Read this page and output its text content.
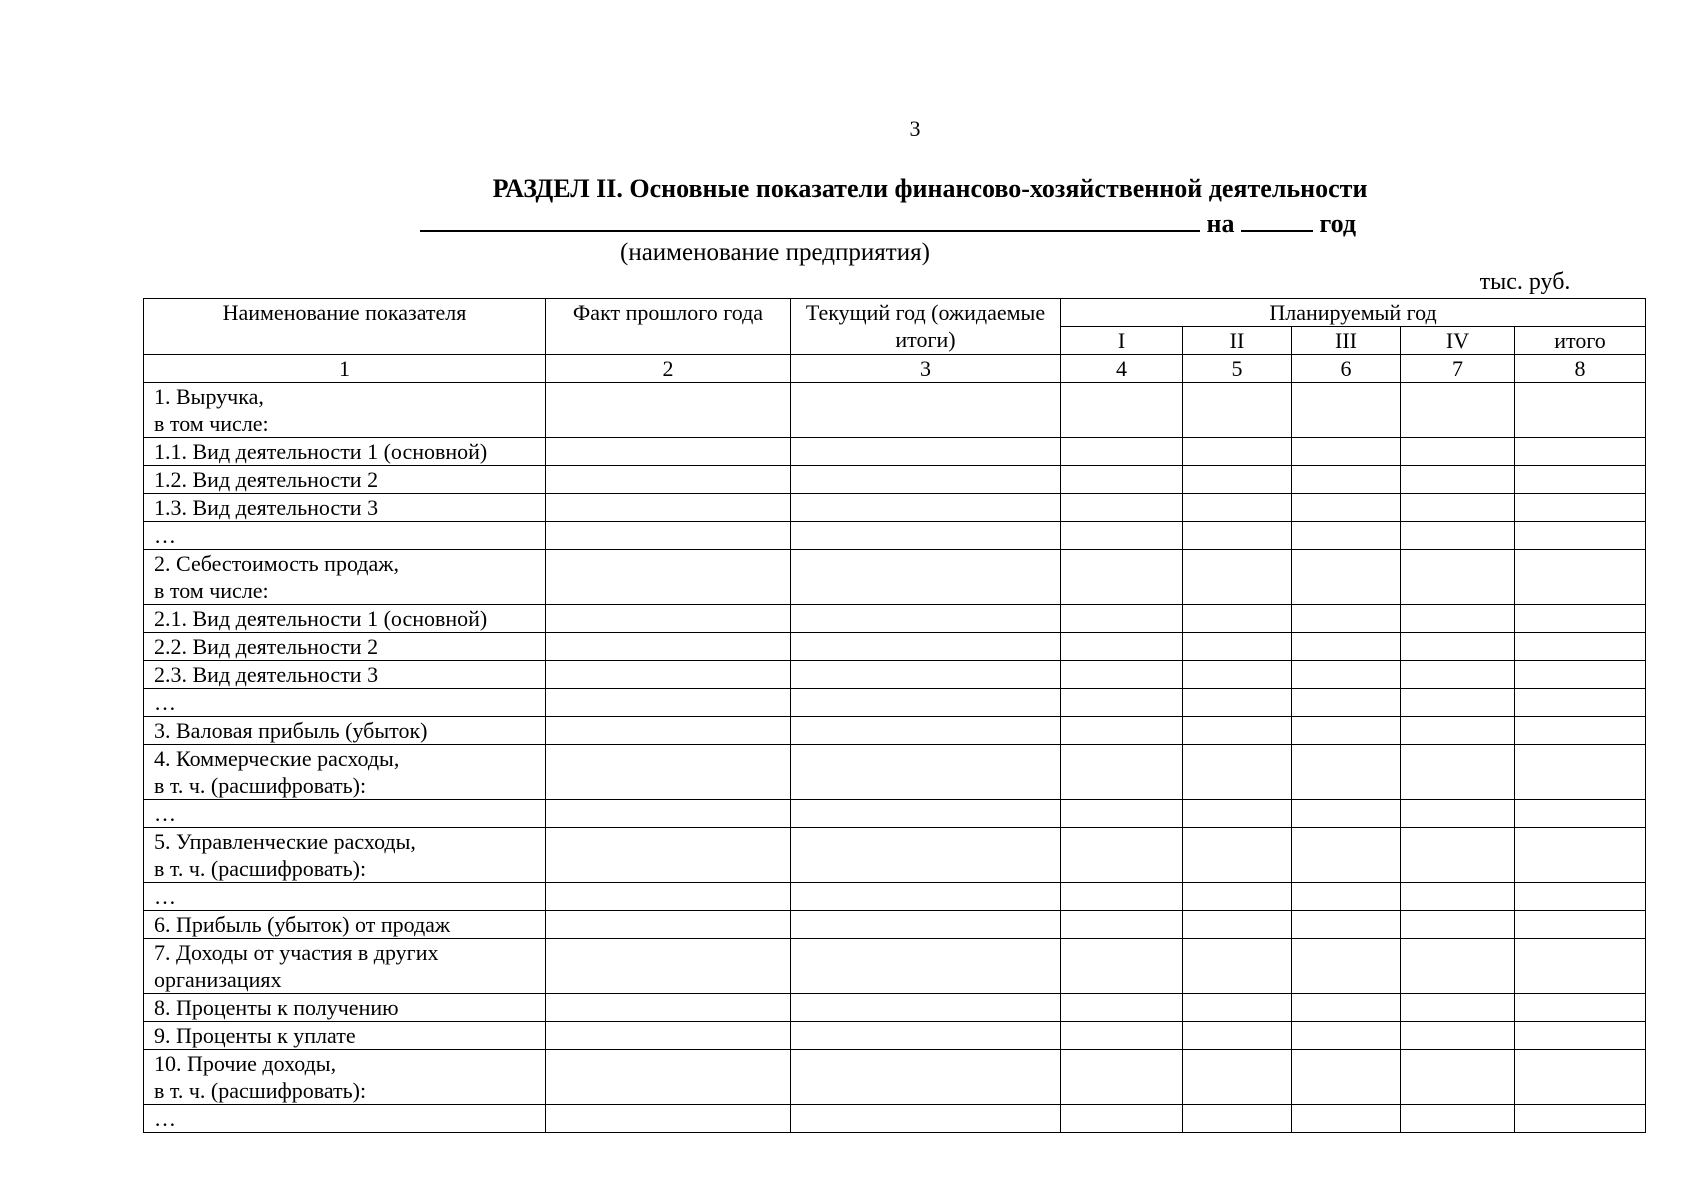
3
РАЗДЕЛ II. Основные показатели финансово-хозяйственной деятельности
на	год
(наименование предприятия)
тыс. руб.
Наименование показателя	Факт прошлого года	Текущий год (ожидаемые итоги)	Планируемый год				
			I	II	III	IV	итого
1	2	3	4	5	6	7	8
1. Выручка,
в том числе:							
1.1. Вид деятельности 1 (основной)							
1.2. Вид деятельности 2							
1.3. Вид деятельности 3							
…							
2. Себестоимость продаж,
в том числе:							
2.1. Вид деятельности 1 (основной)							
2.2. Вид деятельности 2							
2.3. Вид деятельности 3							
…							
3. Валовая прибыль (убыток)							
4. Коммерческие расходы,
в т. ч. (расшифровать):							
…							
5. Управленческие расходы,
в т. ч. (расшифровать):							
…							
6. Прибыль (убыток) от продаж							
7. Доходы от участия в других
организациях							
8. Проценты к получению							
9. Проценты к уплате							
10. Прочие доходы,
в т. ч. (расшифровать):							
…							
